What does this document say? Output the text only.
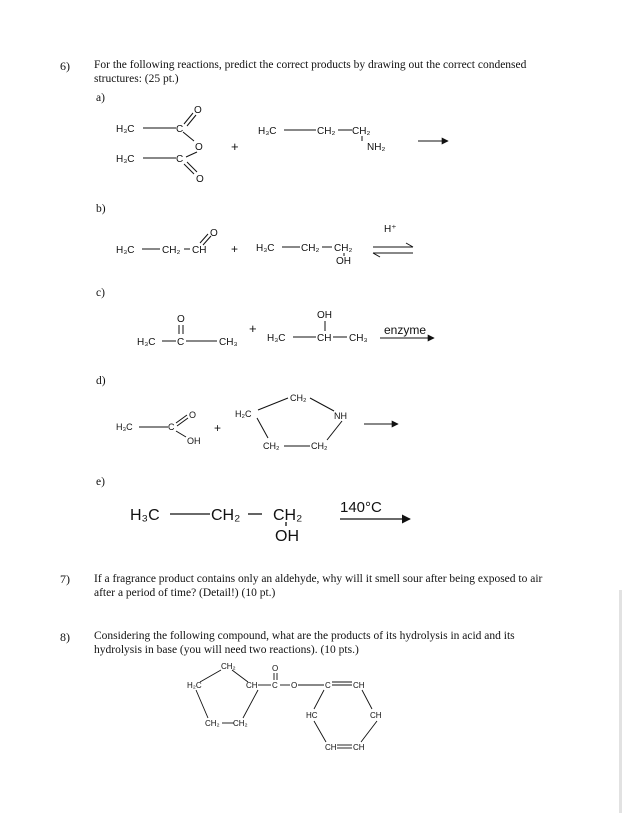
6) For the following reactions, predict the correct products by drawing out the correct condensed structures: (25 pt.)
a)
b)
c)
d)
e)
7) If a fragrance product contains only an aldehyde, why will it smell sour after being exposed to air after a period of time? (Detail!) (10 pt.)
8) Considering the following compound, what are the products of its hydrolysis in acid and its hydrolysis in base (you will need two reactions). (10 pts.)
H₃C	C
O
O
H₃C	C
O
+
H₃C	CH₂ CH₂
NH₂
H₃C	CH₂ CH
O
+ H₃C	CH₂ CH₂
OH
H⁺
O
H₃C C	CH₃
+
OH
H₃C	CH CH₃
enzyme
H₃C	C
O
OH
+
CH₂
H₂C	NH
CH₂	CH₂
H₃C	CH₂ CH₂
OH
140°C
CH₂
H₂C	CH
CH₂ CH₂
O
C O	C	CH
HC	CH
CH CH
